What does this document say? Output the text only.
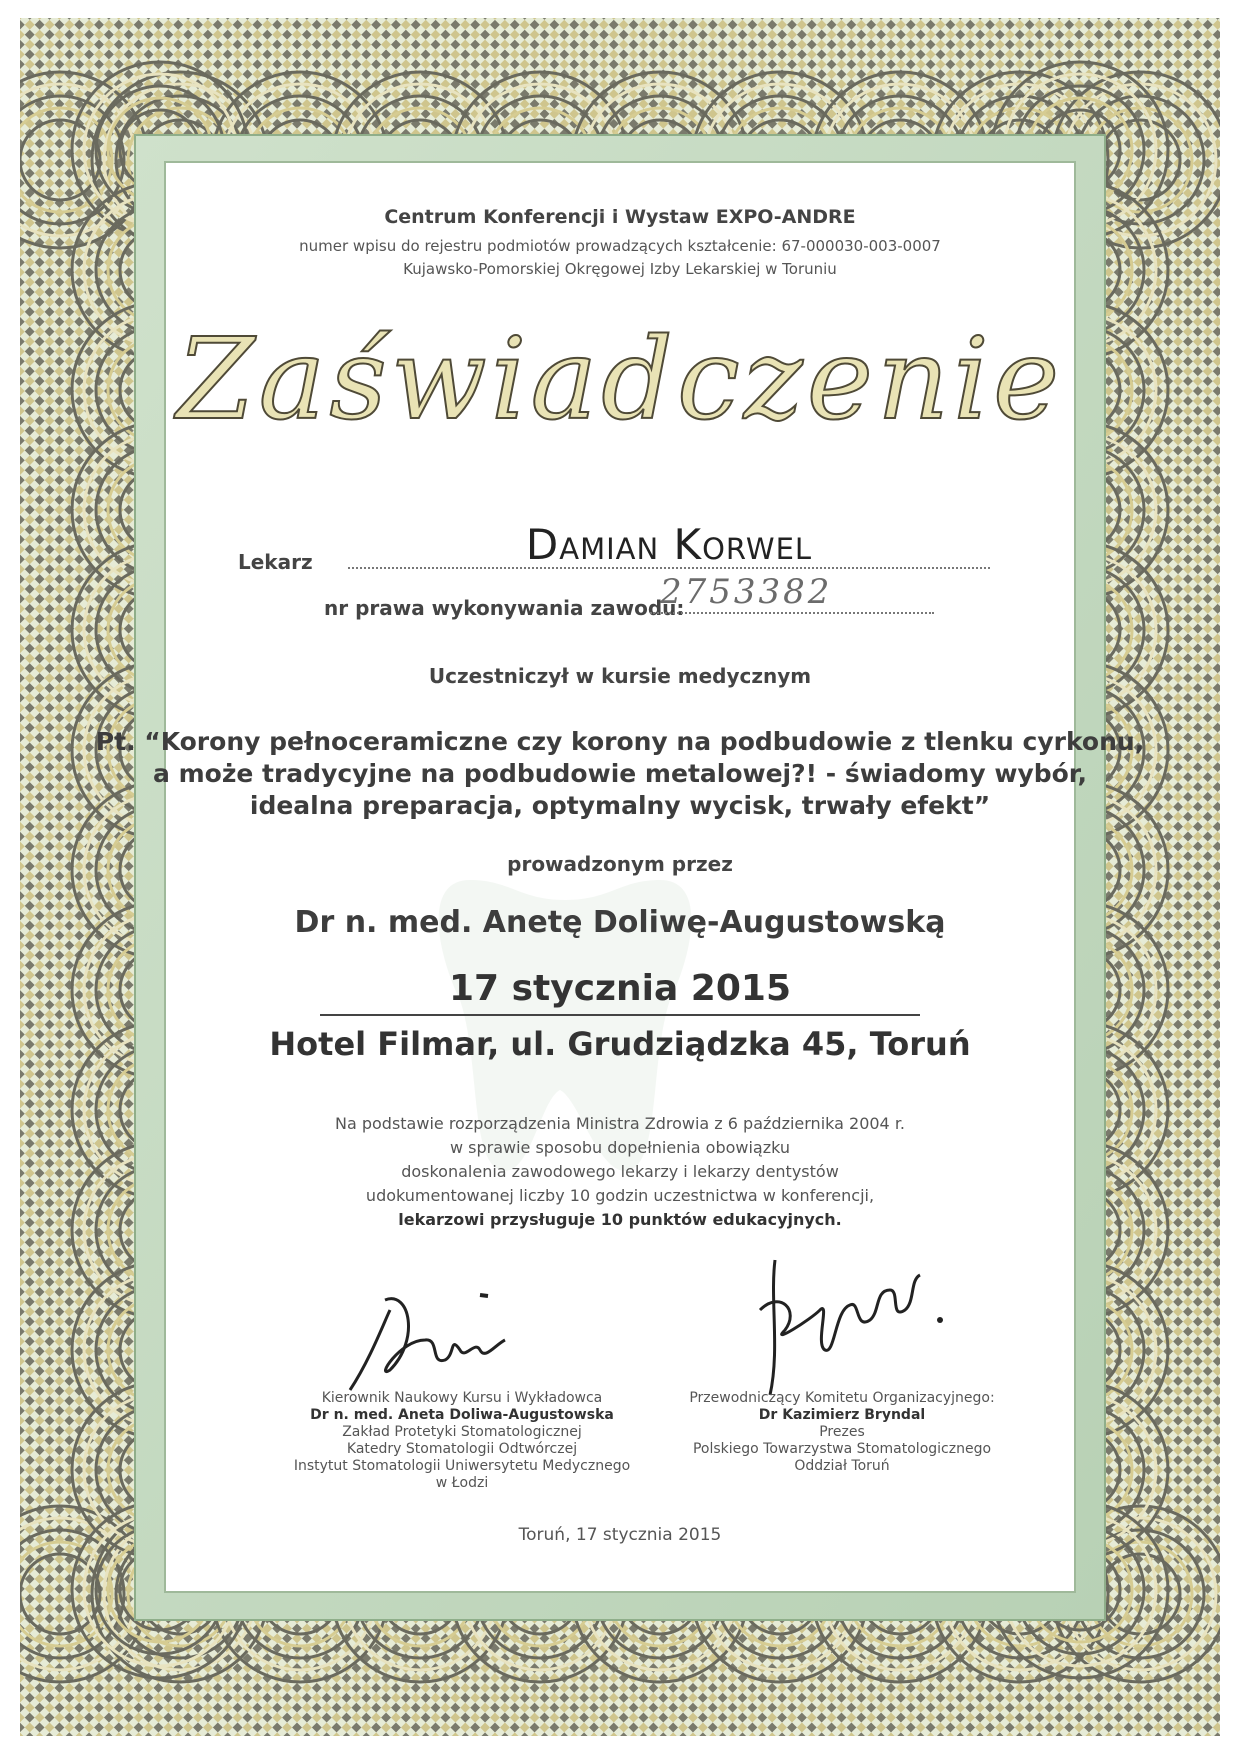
Centrum Konferencji i Wystaw EXPO-ANDRE
numer wpisu do rejestru podmiotów prowadzących kształcenie: 67-000030-003-0007
Kujawsko-Pomorskiej Okręgowej Izby Lekarskiej w Toruniu
Zaświadczenie
Lekarz	Damian Korwel
nr prawa wykonywania zawodu:
2753382
Uczestniczył w kursie medycznym
Pt. “Korony pełnoceramiczne czy korony na podbudowie z tlenku cyrkonu,
a może tradycyjne na podbudowie metalowej?! - świadomy wybór,
idealna preparacja, optymalny wycisk, trwały efekt”
prowadzonym przez
Dr n. med. Anetę Doliwę-Augustowską
17 stycznia 2015
Hotel Filmar, ul. Grudziądzka 45, Toruń
Na podstawie rozporządzenia Ministra Zdrowia z 6 października 2004 r.
w sprawie sposobu dopełnienia obowiązku
doskonalenia zawodowego lekarzy i lekarzy dentystów
udokumentowanej liczby 10 godzin uczestnictwa w konferencji,
lekarzowi przysługuje 10 punktów edukacyjnych.
Kierownik Naukowy Kursu i Wykładowca
Dr n. med. Aneta Doliwa-Augustowska
Zakład Protetyki Stomatologicznej
Katedry Stomatologii Odtwórczej
Instytut Stomatologii Uniwersytetu Medycznego
w Łodzi
Przewodniczący Komitetu Organizacyjnego:
Dr Kazimierz Bryndal
Prezes
Polskiego Towarzystwa Stomatologicznego
Oddział Toruń
Toruń, 17 stycznia 2015
